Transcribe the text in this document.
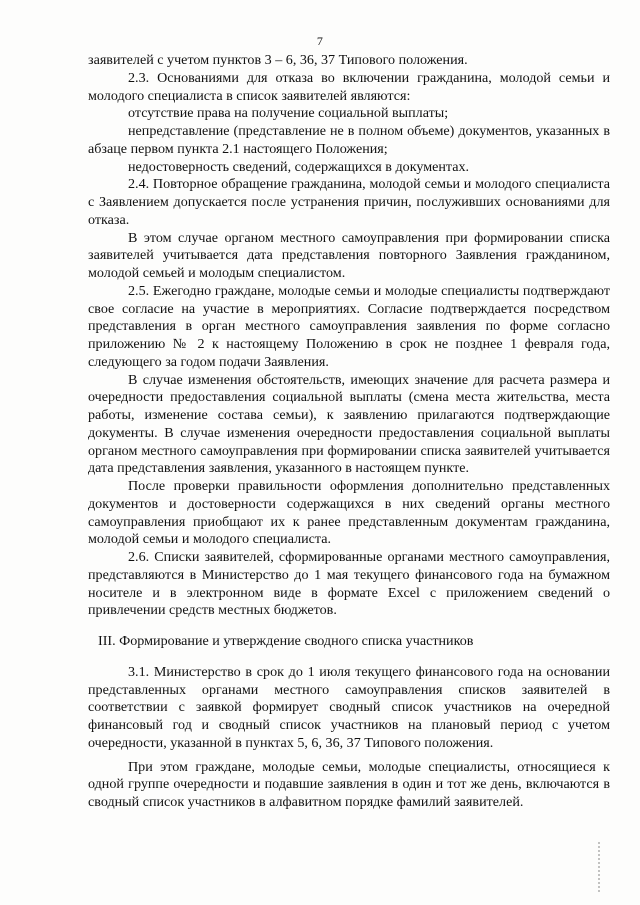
7

заявителей с учетом пунктов 3 – 6, 36, 37 Типового положения.

2.3. Основаниями для отказа во включении гражданина, молодой семьи и молодого специалиста в список заявителей являются:

отсутствие права на получение социальной выплаты;

непредставление (представление не в полном объеме) документов, указанных в абзаце первом пункта 2.1 настоящего Положения;

недостоверность сведений, содержащихся в документах.

2.4. Повторное обращение гражданина, молодой семьи и молодого специалиста с Заявлением допускается после устранения причин, послуживших основаниями для отказа.

В этом случае органом местного самоуправления при формировании списка заявителей учитывается дата представления повторного Заявления гражданином, молодой семьей и молодым специалистом.

2.5. Ежегодно граждане, молодые семьи и молодые специалисты подтверждают свое согласие на участие в мероприятиях. Согласие подтверждается посредством представления в орган местного самоуправления заявления по форме согласно приложению № 2 к настоящему Положению в срок не позднее 1 февраля года, следующего за годом подачи Заявления.

В случае изменения обстоятельств, имеющих значение для расчета размера и очередности предоставления социальной выплаты (смена места жительства, места работы, изменение состава семьи), к заявлению прилагаются подтверждающие документы. В случае изменения очередности предоставления социальной выплаты органом местного самоуправления при формировании списка заявителей учитывается дата представления заявления, указанного в настоящем пункте.

После проверки правильности оформления дополнительно представленных документов и достоверности содержащихся в них сведений органы местного самоуправления приобщают их к ранее представленным документам гражданина, молодой семьи и молодого специалиста.

2.6. Списки заявителей, сформированные органами местного самоуправления, представляются в Министерство до 1 мая текущего финансового года на бумажном носителе и в электронном виде в формате Excel с приложением сведений о привлечении средств местных бюджетов.

III. Формирование и утверждение сводного списка участников

3.1. Министерство в срок до 1 июля текущего финансового года на основании представленных органами местного самоуправления списков заявителей в соответствии с заявкой формирует сводный список участников на очередной финансовый год и сводный список участников на плановый период с учетом очередности, указанной в пунктах 5, 6, 36, 37 Типового положения.

При этом граждане, молодые семьи, молодые специалисты, относящиеся к одной группе очередности и подавшие заявления в один и тот же день, включаются в сводный список участников в алфавитном порядке фамилий заявителей.
